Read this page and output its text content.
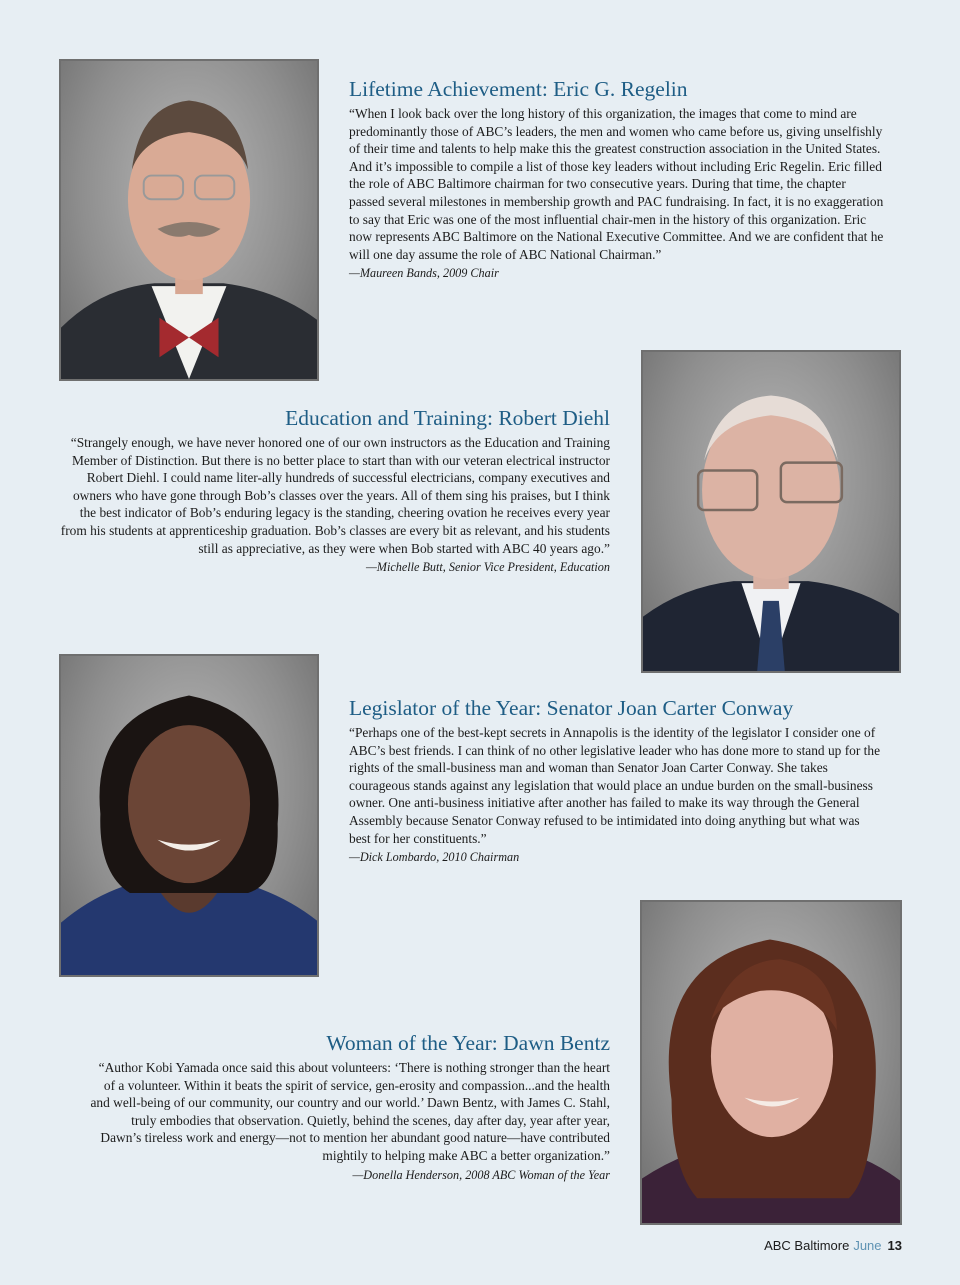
Lifetime Achievement: Eric G. Regelin

“When I look back over the long history of this organization, the images that come to mind are predominantly those of ABC’s leaders, the men and women who came before us, giving unselfishly of their time and talents to help make this the greatest construction association in the United States. And it’s impossible to compile a list of those key leaders without including Eric Regelin. Eric filled the role of ABC Baltimore chairman for two consecutive years. During that time, the chapter passed several milestones in membership growth and PAC fundraising. In fact, it is no exaggeration to say that Eric was one of the most influential chair-men in the history of this organization. Eric now represents ABC Baltimore on the National Executive Committee. And we are confident that he will one day assume the role of ABC National Chairman.”

—Maureen Bands, 2009 Chair

Education and Training: Robert Diehl

“Strangely enough, we have never honored one of our own instructors as the Education and Training Member of Distinction. But there is no better place to start than with our veteran electrical instructor Robert Diehl. I could name liter-ally hundreds of successful electricians, company executives and owners who have gone through Bob’s classes over the years. All of them sing his praises, but I think the best indicator of Bob’s enduring legacy is the standing, cheering ovation he receives every year from his students at apprenticeship graduation. Bob’s classes are every bit as relevant, and his students still as appreciative, as they were when Bob started with ABC 40 years ago.”

—Michelle Butt, Senior Vice President, Education

Legislator of the Year: Senator Joan Carter Conway

“Perhaps one of the best-kept secrets in Annapolis is the identity of the legislator I consider one of ABC’s best friends. I can think of no other legislative leader who has done more to stand up for the rights of the small-business man and woman than Senator Joan Carter Conway. She takes courageous stands against any legislation that would place an undue burden on the small-business owner. One anti-business initiative after another has failed to make its way through the General Assembly because Senator Conway refused to be intimidated into doing anything but what was best for her constituents.”

—Dick Lombardo, 2010 Chairman

Woman of the Year: Dawn Bentz

“Author Kobi Yamada once said this about volunteers: ‘There is nothing stronger than the heart of a volunteer. Within it beats the spirit of service, gen-erosity and compassion...and the health and well-being of our community, our country and our world.’ Dawn Bentz, with James C. Stahl, truly embodies that observation. Quietly, behind the scenes, day after day, year after year, Dawn’s tireless work and energy—not to mention her abundant good nature—have contributed mightily to helping make ABC a better organization.”

—Donella Henderson, 2008 ABC Woman of the Year

ABC Baltimore June 13
